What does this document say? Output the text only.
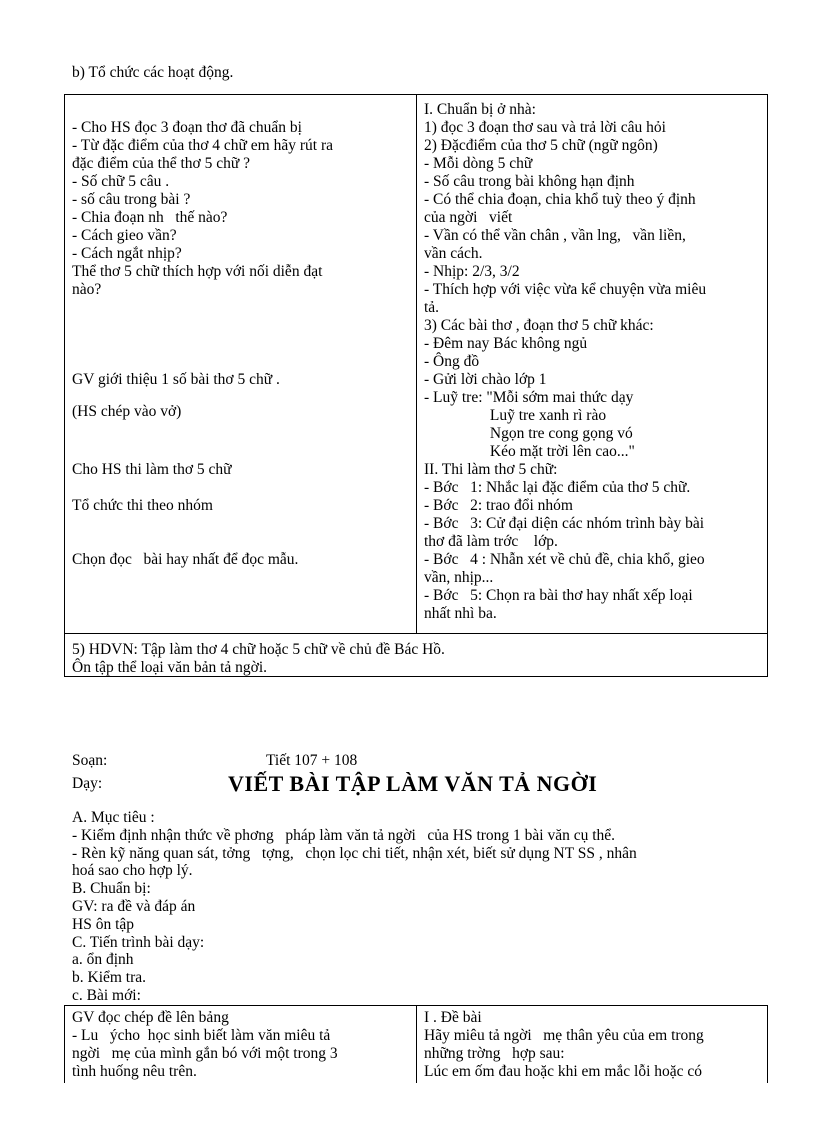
b) Tổ chức các hoạt động.
- Cho HS đọc 3 đoạn thơ đã chuẩn bị
- Từ đặc điểm của thơ 4 chữ em hãy rút ra
đặc điểm của thể thơ 5 chữ ?
- Số chữ 5 câu .
- số câu trong bài ?
- Chia đoạn nh   thế nào?
- Cách gieo vần?
- Cách ngắt nhịp?
Thể thơ 5 chữ thích hợp với nối diễn đạt
nào?
GV giới thiệu 1 số bài thơ 5 chữ .
(HS chép vào vở)
Cho HS thi làm thơ 5 chữ
Tổ chức thi theo nhóm
Chọn đọc   bài hay nhất để đọc mẫu.
I. Chuẩn bị ở nhà:
1) đọc 3 đoạn thơ sau và trả lời câu hỏi
2) Đặcđiểm của thơ 5 chữ (ngữ ngôn)
- Mỗi dòng 5 chữ
- Số câu trong bài không hạn định
- Có thể chia đoạn, chia khổ tuỳ theo ý định
của ngời   viết
- Vần có thể vần chân , vần lng,   vần liền,
vần cách.
- Nhịp: 2/3, 3/2
- Thích hợp với việc vừa kể chuyện vừa miêu
tả.
3) Các bài thơ , đoạn thơ 5 chữ khác:
- Đêm nay Bác không ngủ
- Ông đồ
- Gửi lời chào lớp 1
- Luỹ tre: "Mỗi sớm mai thức dạy
Luỹ tre xanh rì rào
Ngọn tre cong gọng vó
Kéo mặt trời lên cao..."
II. Thi làm thơ 5 chữ:
- Bớc   1: Nhắc lại đặc điểm của thơ 5 chữ.
- Bớc   2: trao đổi nhóm
- Bớc   3: Cử đại diện các nhóm trình bày bài
thơ đã làm trớc    lớp.
- Bớc   4 : Nhẫn xét về chủ đề, chia khổ, gieo
vần, nhịp...
- Bớc   5: Chọn ra bài thơ hay nhất xếp loại
nhất nhì ba.
5) HDVN: Tập làm thơ 4 chữ hoặc 5 chữ về chủ đề Bác Hồ.
Ôn tập thể loại văn bản tả ngời.
Soạn:	Tiết 107 + 108
Dạy:	VIẾT BÀI TẬP LÀM VĂN TẢ NGỜI
A. Mục tiêu :
- Kiểm định nhận thức về phơng   pháp làm văn tả ngời   của HS trong 1 bài văn cụ thể.
- Rèn kỹ năng quan sát, tởng   tợng,   chọn lọc chi tiết, nhận xét, biết sử dụng NT SS , nhân
hoá sao cho hợp lý.
B. Chuẩn bị:
GV: ra đề và đáp án
HS ôn tập
C. Tiến trình bài dạy:
a. ổn định
b. Kiểm tra.
c. Bài mới:
GV đọc chép đề lên bảng
- Lu   ýcho  học sinh biết làm văn miêu tả
ngời   mẹ của mình gắn bó với một trong 3
tình huống nêu trên.
I . Đề bài
Hãy miêu tả ngời   mẹ thân yêu của em trong
những trờng   hợp sau:
Lúc em ốm đau hoặc khi em mắc lỗi hoặc có
